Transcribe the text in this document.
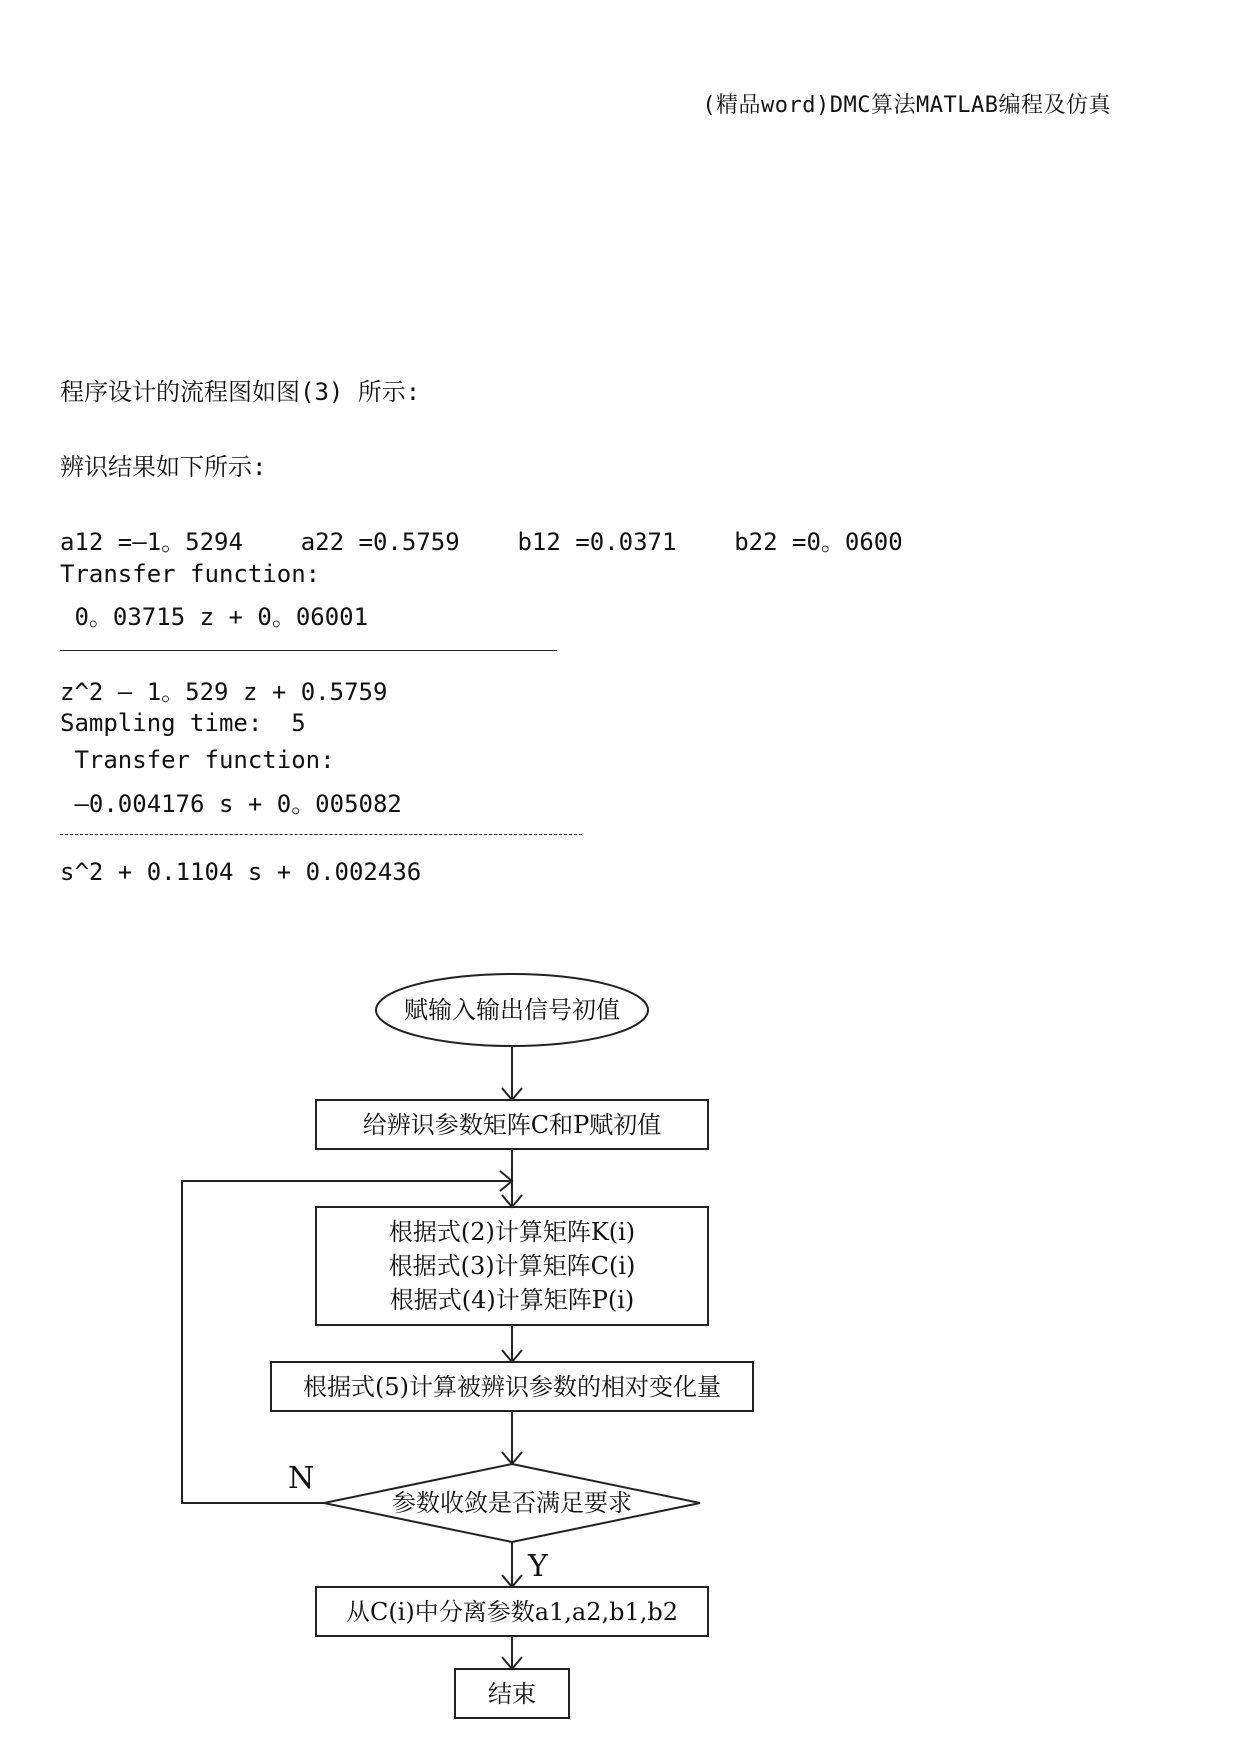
(精品word)DMC算法MATLAB编程及仿真
程序设计的流程图如图(3) 所示:
辨识结果如下所示:
a12 =—1。5294    a22 =0.5759    b12 =0.0371    b22 =0。0600
Transfer function:
0。03715 z + 0。06001
z^2 — 1。529 z + 0.5759
Sampling time:  5
Transfer function:
—0.004176 s + 0。005082
s^2 + 0.1104 s + 0.002436
赋输入输出信号初值
给辨识参数矩阵C和P赋初值
根据式(2)计算矩阵K(i)
根据式(3)计算矩阵C(i)
根据式(4)计算矩阵P(i)
根据式(5)计算被辨识参数的相对变化量
参数收敛是否满足要求
N
Y
从C(i)中分离参数a1,a2,b1,b2
结束
